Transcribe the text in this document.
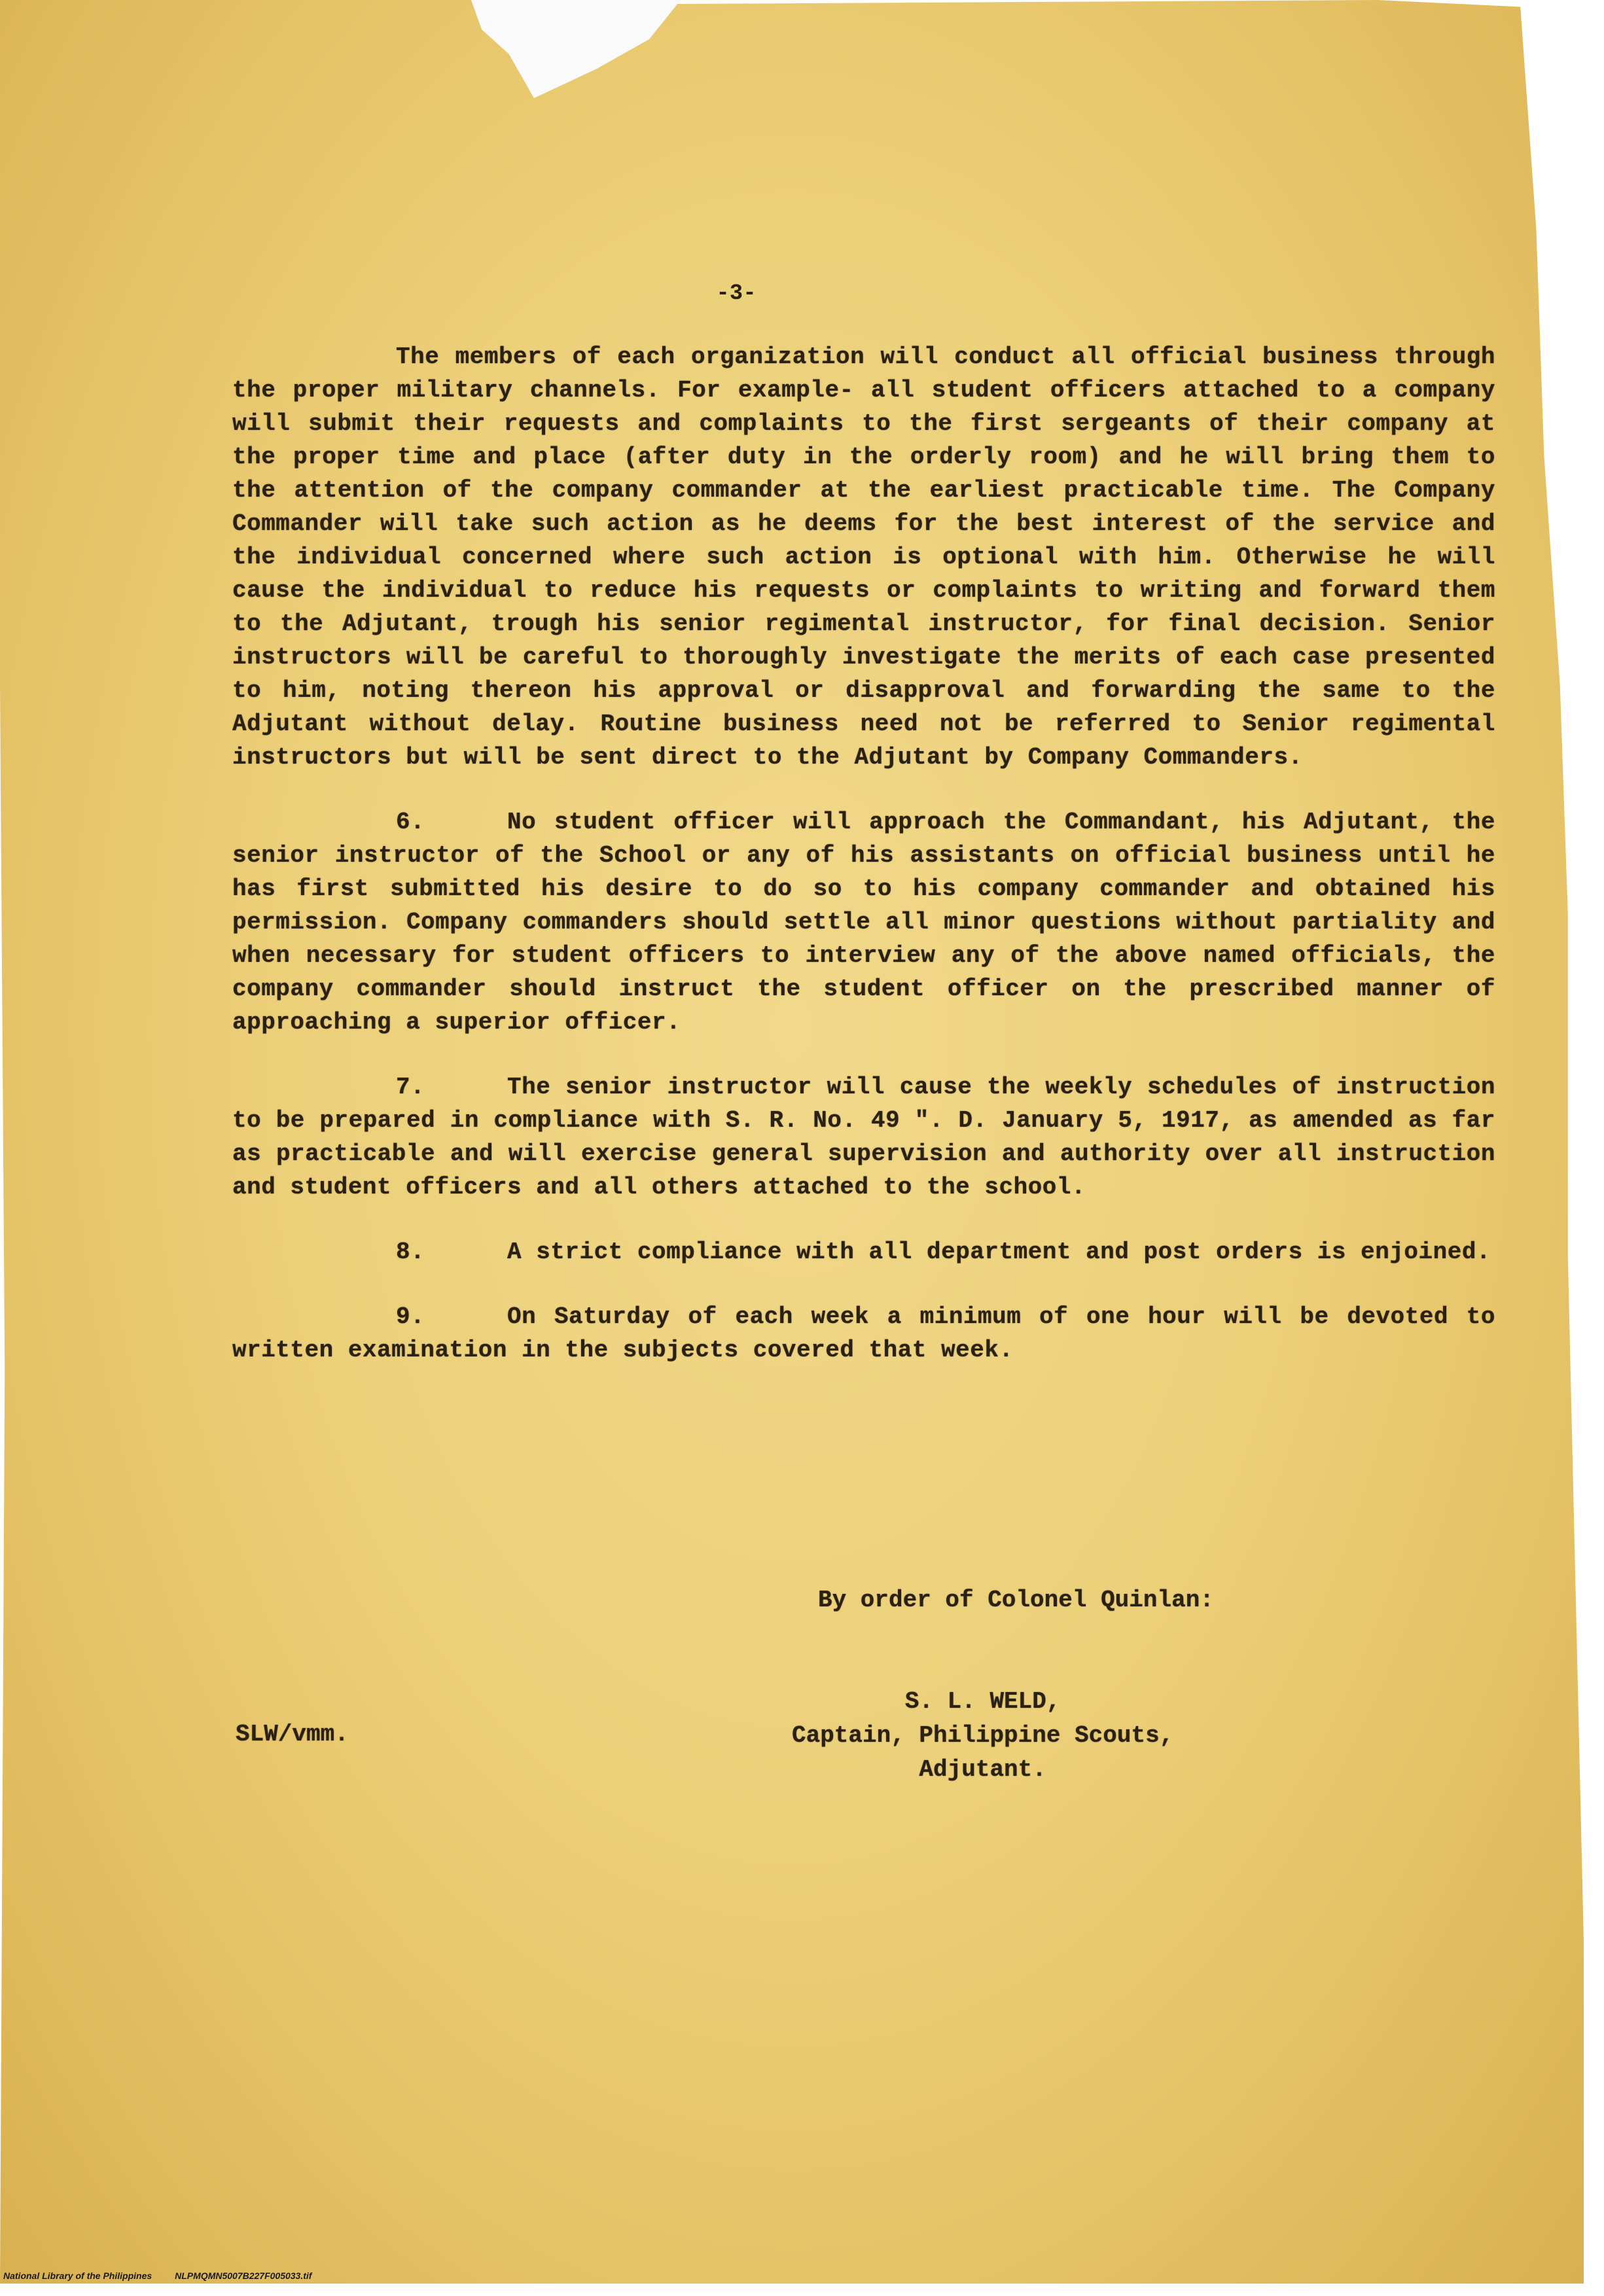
-3-

The members of each organization will conduct all official business through the proper military channels. For example- all student officers attached to a company will submit their requests and complaints to the first sergeants of their company at the proper time and place (after duty in the orderly room) and he will bring them to the attention of the company commander at the earliest practicable time. The Company Commander will take such action as he deems for the best interest of the service and the individual concerned where such action is optional with him. Otherwise he will cause the individual to reduce his requests or complaints to writing and forward them to the Adjutant, trough his senior regimental instructor, for final decision. Senior instructors will be careful to thoroughly investigate the merits of each case presented to him, noting thereon his approval or disapproval and forwarding the same to the Adjutant without delay. Routine business need not be referred to Senior regimental instructors but will be sent direct to the Adjutant by Company Commanders.

6.	No student officer will approach the Commandant, his Adjutant, the senior instructor of the School or any of his assistants on official business until he has first submitted his desire to do so to his company commander and obtained his permission. Company commanders should settle all minor questions without partiality and when necessary for student officers to interview any of the above named officials, the company commander should instruct the student officer on the prescribed manner of approaching a superior officer.

7.	The senior instructor will cause the weekly schedules of instruction to be prepared in compliance with S. R. No. 49 ". D. January 5, 1917, as amended as far as practicable and will exercise general supervision and authority over all instruction and student officers and all others attached to the school.

8.	A strict compliance with all department and post orders is enjoined.

9.	On Saturday of each week a minimum of one hour will be devoted to written examination in the subjects covered that week.

By order of Colonel Quinlan:
SLW/vmm.
S. L. WELD,
Captain, Philippine Scouts,
Adjutant.
National Library of the Philippines	NLPMQMN5007B227F005033.tif
